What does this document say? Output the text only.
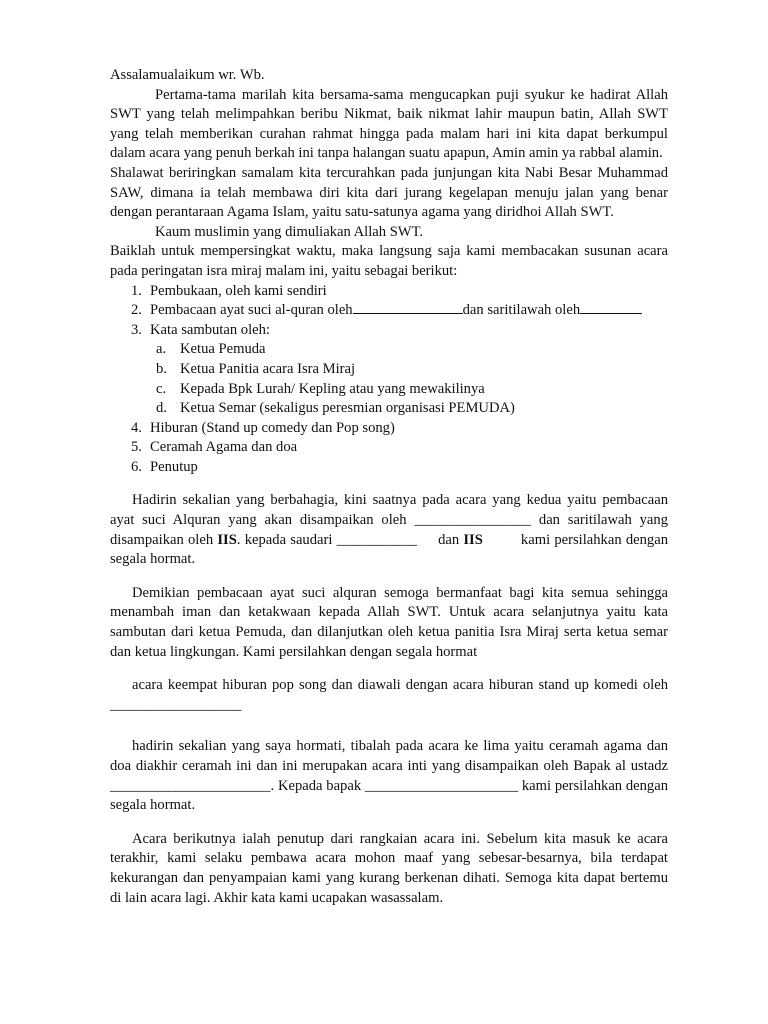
Assalamualaikum wr. Wb.

Pertama-tama marilah kita bersama-sama mengucapkan puji syukur ke hadirat Allah SWT yang telah melimpahkan beribu Nikmat, baik nikmat lahir maupun batin, Allah SWT yang telah memberikan curahan rahmat hingga pada malam hari ini kita dapat berkumpul dalam acara yang penuh berkah ini tanpa halangan suatu apapun, Amin amin ya rabbal alamin.

Shalawat beriringkan samalam kita tercurahkan pada junjungan kita Nabi Besar Muhammad SAW, dimana ia telah membawa diri kita dari jurang kegelapan menuju jalan yang benar dengan perantaraan Agama Islam, yaitu satu-satunya agama yang diridhoi Allah SWT.

Kaum muslimin yang dimuliakan Allah SWT.

Baiklah untuk mempersingkat waktu, maka langsung saja kami membacakan susunan acara pada peringatan isra miraj malam ini, yaitu sebagai berikut:

1. Pembukaan, oleh kami sendiri
2. Pembacaan ayat suci al-quran oleh	dan saritilawah oleh
3. Kata sambutan oleh:
a. Ketua Pemuda
b. Ketua Panitia acara Isra Miraj
c. Kepada Bpk Lurah/ Kepling atau yang mewakilinya
d. Ketua Semar (sekaligus peresmian organisasi PEMUDA)
4. Hiburan (Stand up comedy dan Pop song)
5. Ceramah Agama dan doa
6. Penutup

Hadirin sekalian yang berbahagia, kini saatnya pada acara yang kedua yaitu pembacaan ayat suci Alquran yang akan disampaikan oleh ________________ dan saritilawah yang disampaikan oleh IIS. kepada saudari ___________     dan IIS         kami persilahkan dengan segala hormat.

Demikian pembacaan ayat suci alquran semoga bermanfaat bagi kita semua sehingga menambah iman dan ketakwaan kepada Allah SWT. Untuk acara selanjutnya yaitu kata sambutan dari ketua Pemuda, dan dilanjutkan oleh ketua panitia Isra Miraj serta ketua semar dan ketua lingkungan. Kami persilahkan dengan segala hormat

acara keempat hiburan pop song dan diawali dengan acara hiburan stand up komedi oleh __________________

hadirin sekalian yang saya hormati, tibalah pada acara ke lima yaitu ceramah agama dan doa diakhir ceramah ini dan ini merupakan acara inti yang disampaikan oleh Bapak al ustadz ______________________. Kepada bapak _____________________ kami persilahkan dengan segala hormat.

Acara berikutnya ialah penutup dari rangkaian acara ini. Sebelum kita masuk ke acara terakhir, kami selaku pembawa acara mohon maaf yang sebesar-besarnya, bila terdapat kekurangan dan penyampaian kami yang kurang berkenan dihati. Semoga kita dapat bertemu di lain acara lagi. Akhir kata kami ucapakan wasassalam.
